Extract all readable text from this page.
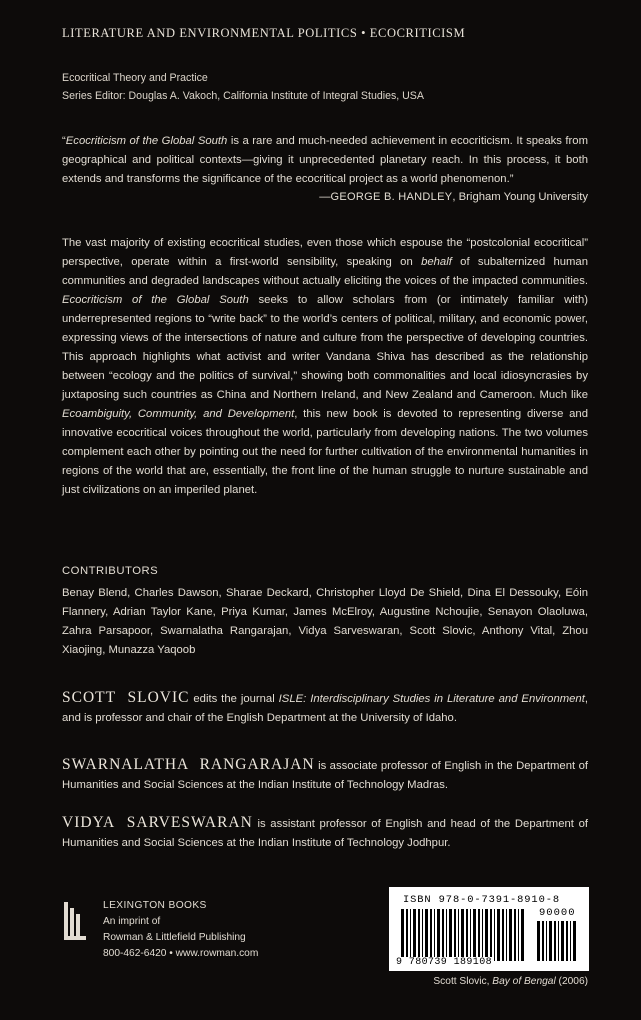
LITERATURE AND ENVIRONMENTAL POLITICS • ECOCRITICISM
Ecocritical Theory and Practice
Series Editor: Douglas A. Vakoch, California Institute of Integral Studies, USA
“Ecocriticism of the Global South is a rare and much-needed achievement in ecocriticism. It speaks from geographical and political contexts—giving it unprecedented planetary reach. In this process, it both extends and transforms the significance of the ecocritical project as a world phenomenon.”
—GEORGE B. HANDLEY, Brigham Young University
The vast majority of existing ecocritical studies, even those which espouse the “postcolonial ecocritical” perspective, operate within a first-world sensibility, speaking on behalf of subalternized human communities and degraded landscapes without actually eliciting the voices of the impacted communities. Ecocriticism of the Global South seeks to allow scholars from (or intimately familiar with) underrepresented regions to “write back” to the world’s centers of political, military, and economic power, expressing views of the intersections of nature and culture from the perspective of developing countries. This approach highlights what activist and writer Vandana Shiva has described as the relationship between “ecology and the politics of survival,” showing both commonalities and local idiosyncrasies by juxtaposing such countries as China and Northern Ireland, and New Zealand and Cameroon. Much like Ecoambiguity, Community, and Development, this new book is devoted to representing diverse and innovative ecocritical voices throughout the world, particularly from developing nations. The two volumes complement each other by pointing out the need for further cultivation of the environmental humanities in regions of the world that are, essentially, the front line of the human struggle to nurture sustainable and just civilizations on an imperiled planet.
CONTRIBUTORS
Benay Blend, Charles Dawson, Sharae Deckard, Christopher Lloyd De Shield, Dina El Dessouky, Eóin Flannery, Adrian Taylor Kane, Priya Kumar, James McElroy, Augustine Nchoujie, Senayon Olaoluwa, Zahra Parsapoor, Swarnalatha Rangarajan, Vidya Sarveswaran, Scott Slovic, Anthony Vital, Zhou Xiaojing, Munazza Yaqoob
SCOTT SLOVIC edits the journal ISLE: Interdisciplinary Studies in Literature and Environment, and is professor and chair of the English Department at the University of Idaho.
SWARNALATHA RANGARAJAN is associate professor of English in the Department of Humanities and Social Sciences at the Indian Institute of Technology Madras.
VIDYA SARVESWARAN is assistant professor of English and head of the Department of Humanities and Social Sciences at the Indian Institute of Technology Jodhpur.
LEXINGTON BOOKS
An imprint of
Rowman & Littlefield Publishing
800-462-6420 • www.rowman.com
ISBN 978-0-7391-8910-8
90000
9 780739 189108
Scott Slovic, Bay of Bengal (2006)
